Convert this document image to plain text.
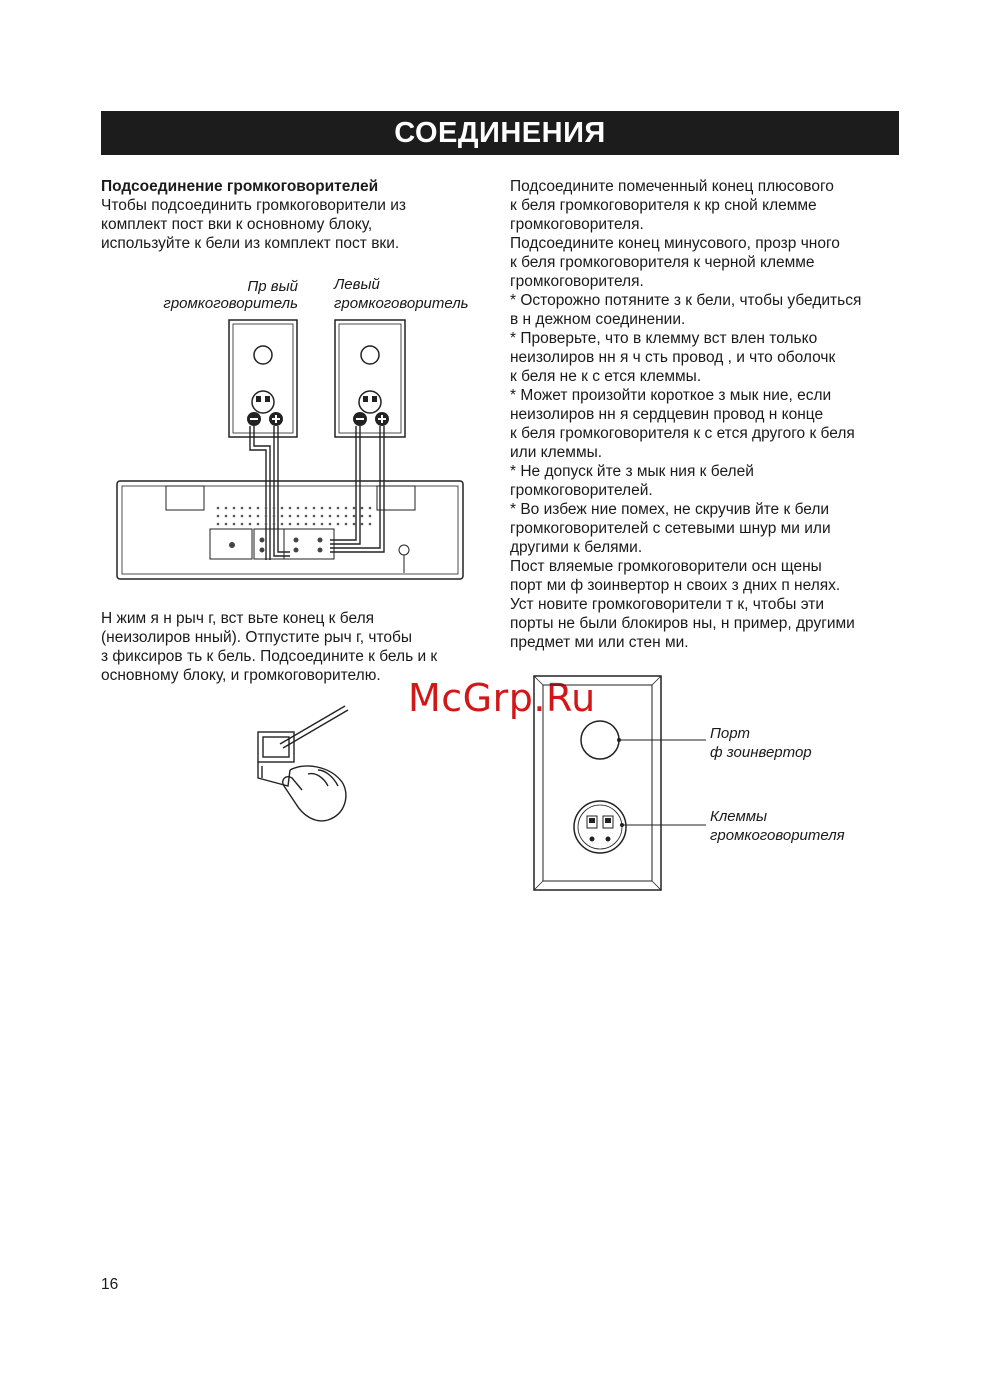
СОЕДИНЕНИЯ

Подсоединение громкоговорителей

Чтобы подсоединить громкоговорители из

комплект пост вки к основному блоку,

используйте к бели из комплект пост вки.

Пр вый
громкоговоритель
Левый
громкоговоритель

Н жим я н рыч г, вст вьте конец к беля

(неизолиров нный). Отпустите рыч г, чтобы

з фиксиров ть к бель. Подсоедините к бель и к

основному блоку, и громкоговорителю.

Подсоедините помеченный конец плюсового

к беля громкоговорителя к кр сной клемме

громкоговорителя.

Подсоедините конец минусового, прозр чного

к беля громкоговорителя к черной клемме

громкоговорителя.

* Осторожно потяните з к бели, чтобы убедиться

в н дежном соединении.

* Проверьте, что в клемму вст влен только

неизолиров нн я ч сть провод , и что оболочк

к беля не к с ется клеммы.

* Может произойти короткое з мык ние, если

неизолиров нн я сердцевин провод н конце

к беля громкоговорителя к с ется другого к беля

или клеммы.

* Не допуск йте з мык ния к белей

громкоговорителей.

* Во избеж ние помех, не скручив йте к бели

громкоговорителей с сетевыми шнур ми или

другими к белями.

Пост вляемые громкоговорители осн щены

порт ми ф зоинвертор н своих з дних п нелях.

Уст новите громкоговорители т к, чтобы эти

порты не были блокиров ны, н пример, другими

предмет ми или стен ми.

McGrp.Ru
Порт
ф зоинвертор
Клеммы
громкоговорителя
16
